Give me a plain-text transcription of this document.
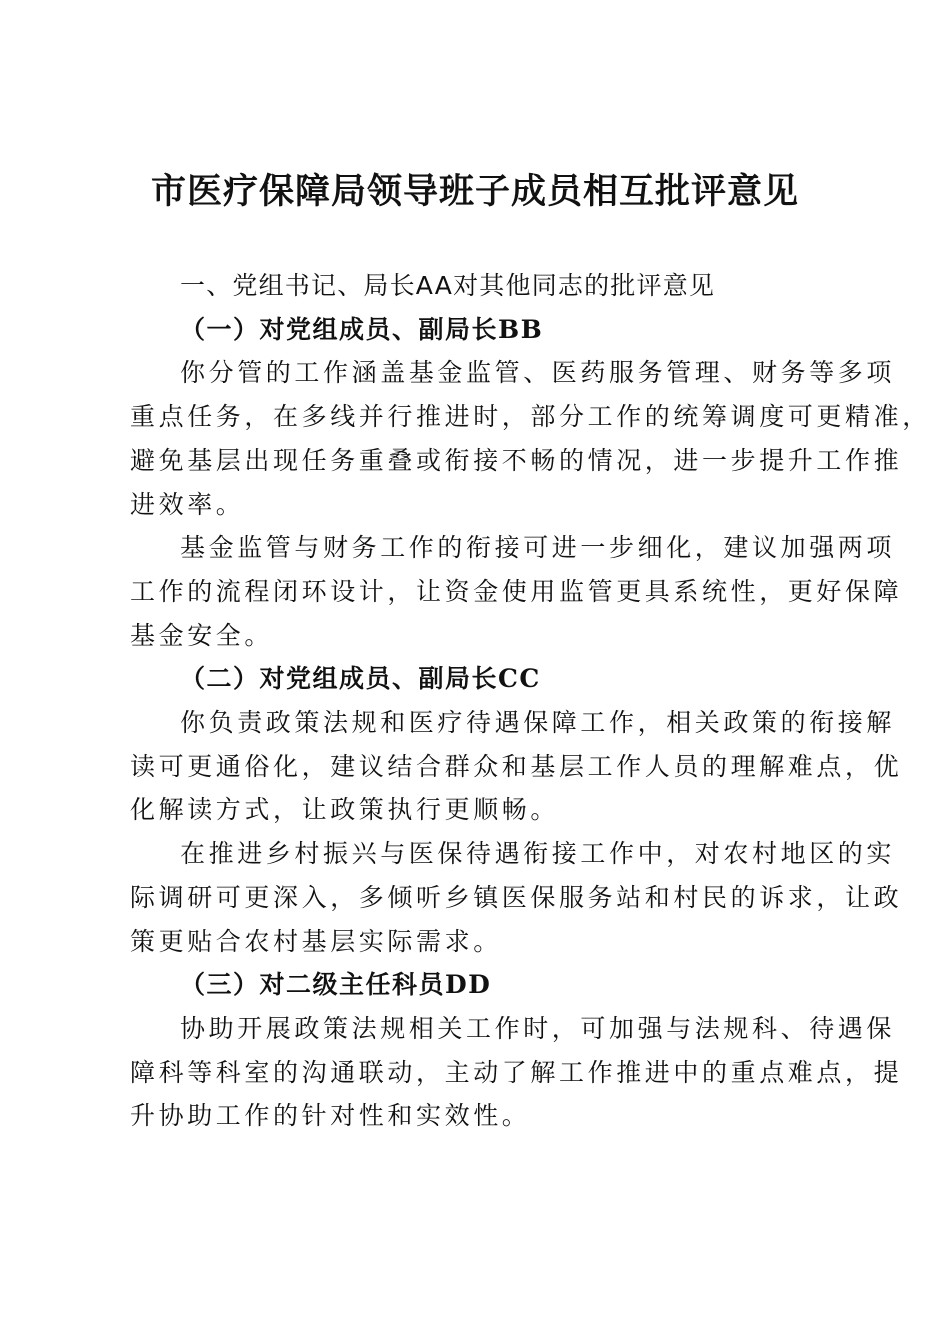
市医疗保障局领导班子成员相互批评意见
一、党组书记、局长AA对其他同志的批评意见
（一）对党组成员、副局长BB
你分管的工作涵盖基金监管、医药服务管理、财务等多项
重点任务，在多线并行推进时，部分工作的统筹调度可更精准，
避免基层出现任务重叠或衔接不畅的情况，进一步提升工作推
进效率。
基金监管与财务工作的衔接可进一步细化，建议加强两项
工作的流程闭环设计，让资金使用监管更具系统性，更好保障
基金安全。
（二）对党组成员、副局长CC
你负责政策法规和医疗待遇保障工作，相关政策的衔接解
读可更通俗化，建议结合群众和基层工作人员的理解难点，优
化解读方式，让政策执行更顺畅。
在推进乡村振兴与医保待遇衔接工作中，对农村地区的实
际调研可更深入，多倾听乡镇医保服务站和村民的诉求，让政
策更贴合农村基层实际需求。
（三）对二级主任科员DD
协助开展政策法规相关工作时，可加强与法规科、待遇保
障科等科室的沟通联动，主动了解工作推进中的重点难点，提
升协助工作的针对性和实效性。
